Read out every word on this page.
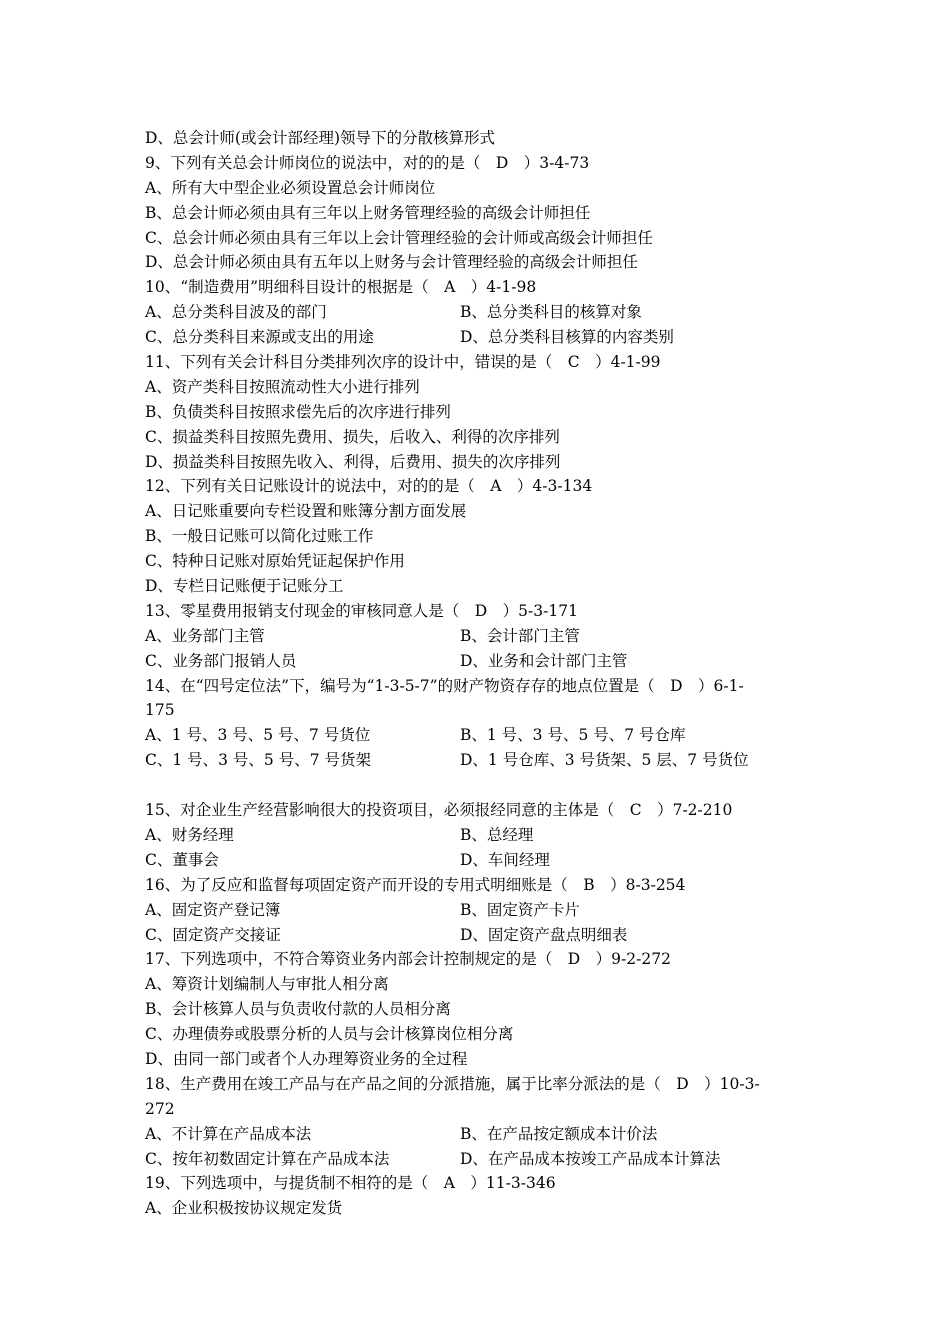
D、总会计师(或会计部经理)领导下的分散核算形式
9、下列有关总会计师岗位的说法中，对的的是（　D　）3-4-73
A、所有大中型企业必须设置总会计师岗位
B、总会计师必须由具有三年以上财务管理经验的高级会计师担任
C、总会计师必须由具有三年以上会计管理经验的会计师或高级会计师担任
D、总会计师必须由具有五年以上财务与会计管理经验的高级会计师担任
10、“制造费用”明细科目设计的根据是（　A　）4-1-98
A、总分类科目波及的部门	B、总分类科目的核算对象
C、总分类科目来源或支出的用途	D、总分类科目核算的内容类别
11、下列有关会计科目分类排列次序的设计中，错误的是（　C　）4-1-99
A、资产类科目按照流动性大小进行排列
B、负债类科目按照求偿先后的次序进行排列
C、损益类科目按照先费用、损失，后收入、利得的次序排列
D、损益类科目按照先收入、利得，后费用、损失的次序排列
12、下列有关日记账设计的说法中，对的的是（　A　）4-3-134
A、日记账重要向专栏设置和账簿分割方面发展
B、一般日记账可以简化过账工作
C、特种日记账对原始凭证起保护作用
D、专栏日记账便于记账分工
13、零星费用报销支付现金的审核同意人是（　D　）5-3-171
A、业务部门主管	B、会计部门主管
C、业务部门报销人员	D、业务和会计部门主管
14、在“四号定位法”下，编号为“1-3-5-7”的财产物资存存的地点位置是（　D　）6-1-
175
A、1 号、3 号、5 号、7 号货位	B、1 号、3 号、5 号、7 号仓库
C、1 号、3 号、5 号、7 号货架	D、1 号仓库、3 号货架、5 层、7 号货位
15、对企业生产经营影响很大的投资项目，必须报经同意的主体是（　C　）7-2-210
A、财务经理	B、总经理
C、董事会	D、车间经理
16、为了反应和监督每项固定资产而开设的专用式明细账是（　B　）8-3-254
A、固定资产登记簿	B、固定资产卡片
C、固定资产交接证	D、固定资产盘点明细表
17、下列选项中，不符合筹资业务内部会计控制规定的是（　D　）9-2-272
A、筹资计划编制人与审批人相分离
B、会计核算人员与负责收付款的人员相分离
C、办理债券或股票分析的人员与会计核算岗位相分离
D、由同一部门或者个人办理筹资业务的全过程
18、生产费用在竣工产品与在产品之间的分派措施，属于比率分派法的是（　D　）10-3-
272
A、不计算在产品成本法	B、在产品按定额成本计价法
C、按年初数固定计算在产品成本法	D、在产品成本按竣工产品成本计算法
19、下列选项中，与提货制不相符的是（　A　）11-3-346
A、企业积极按协议规定发货
